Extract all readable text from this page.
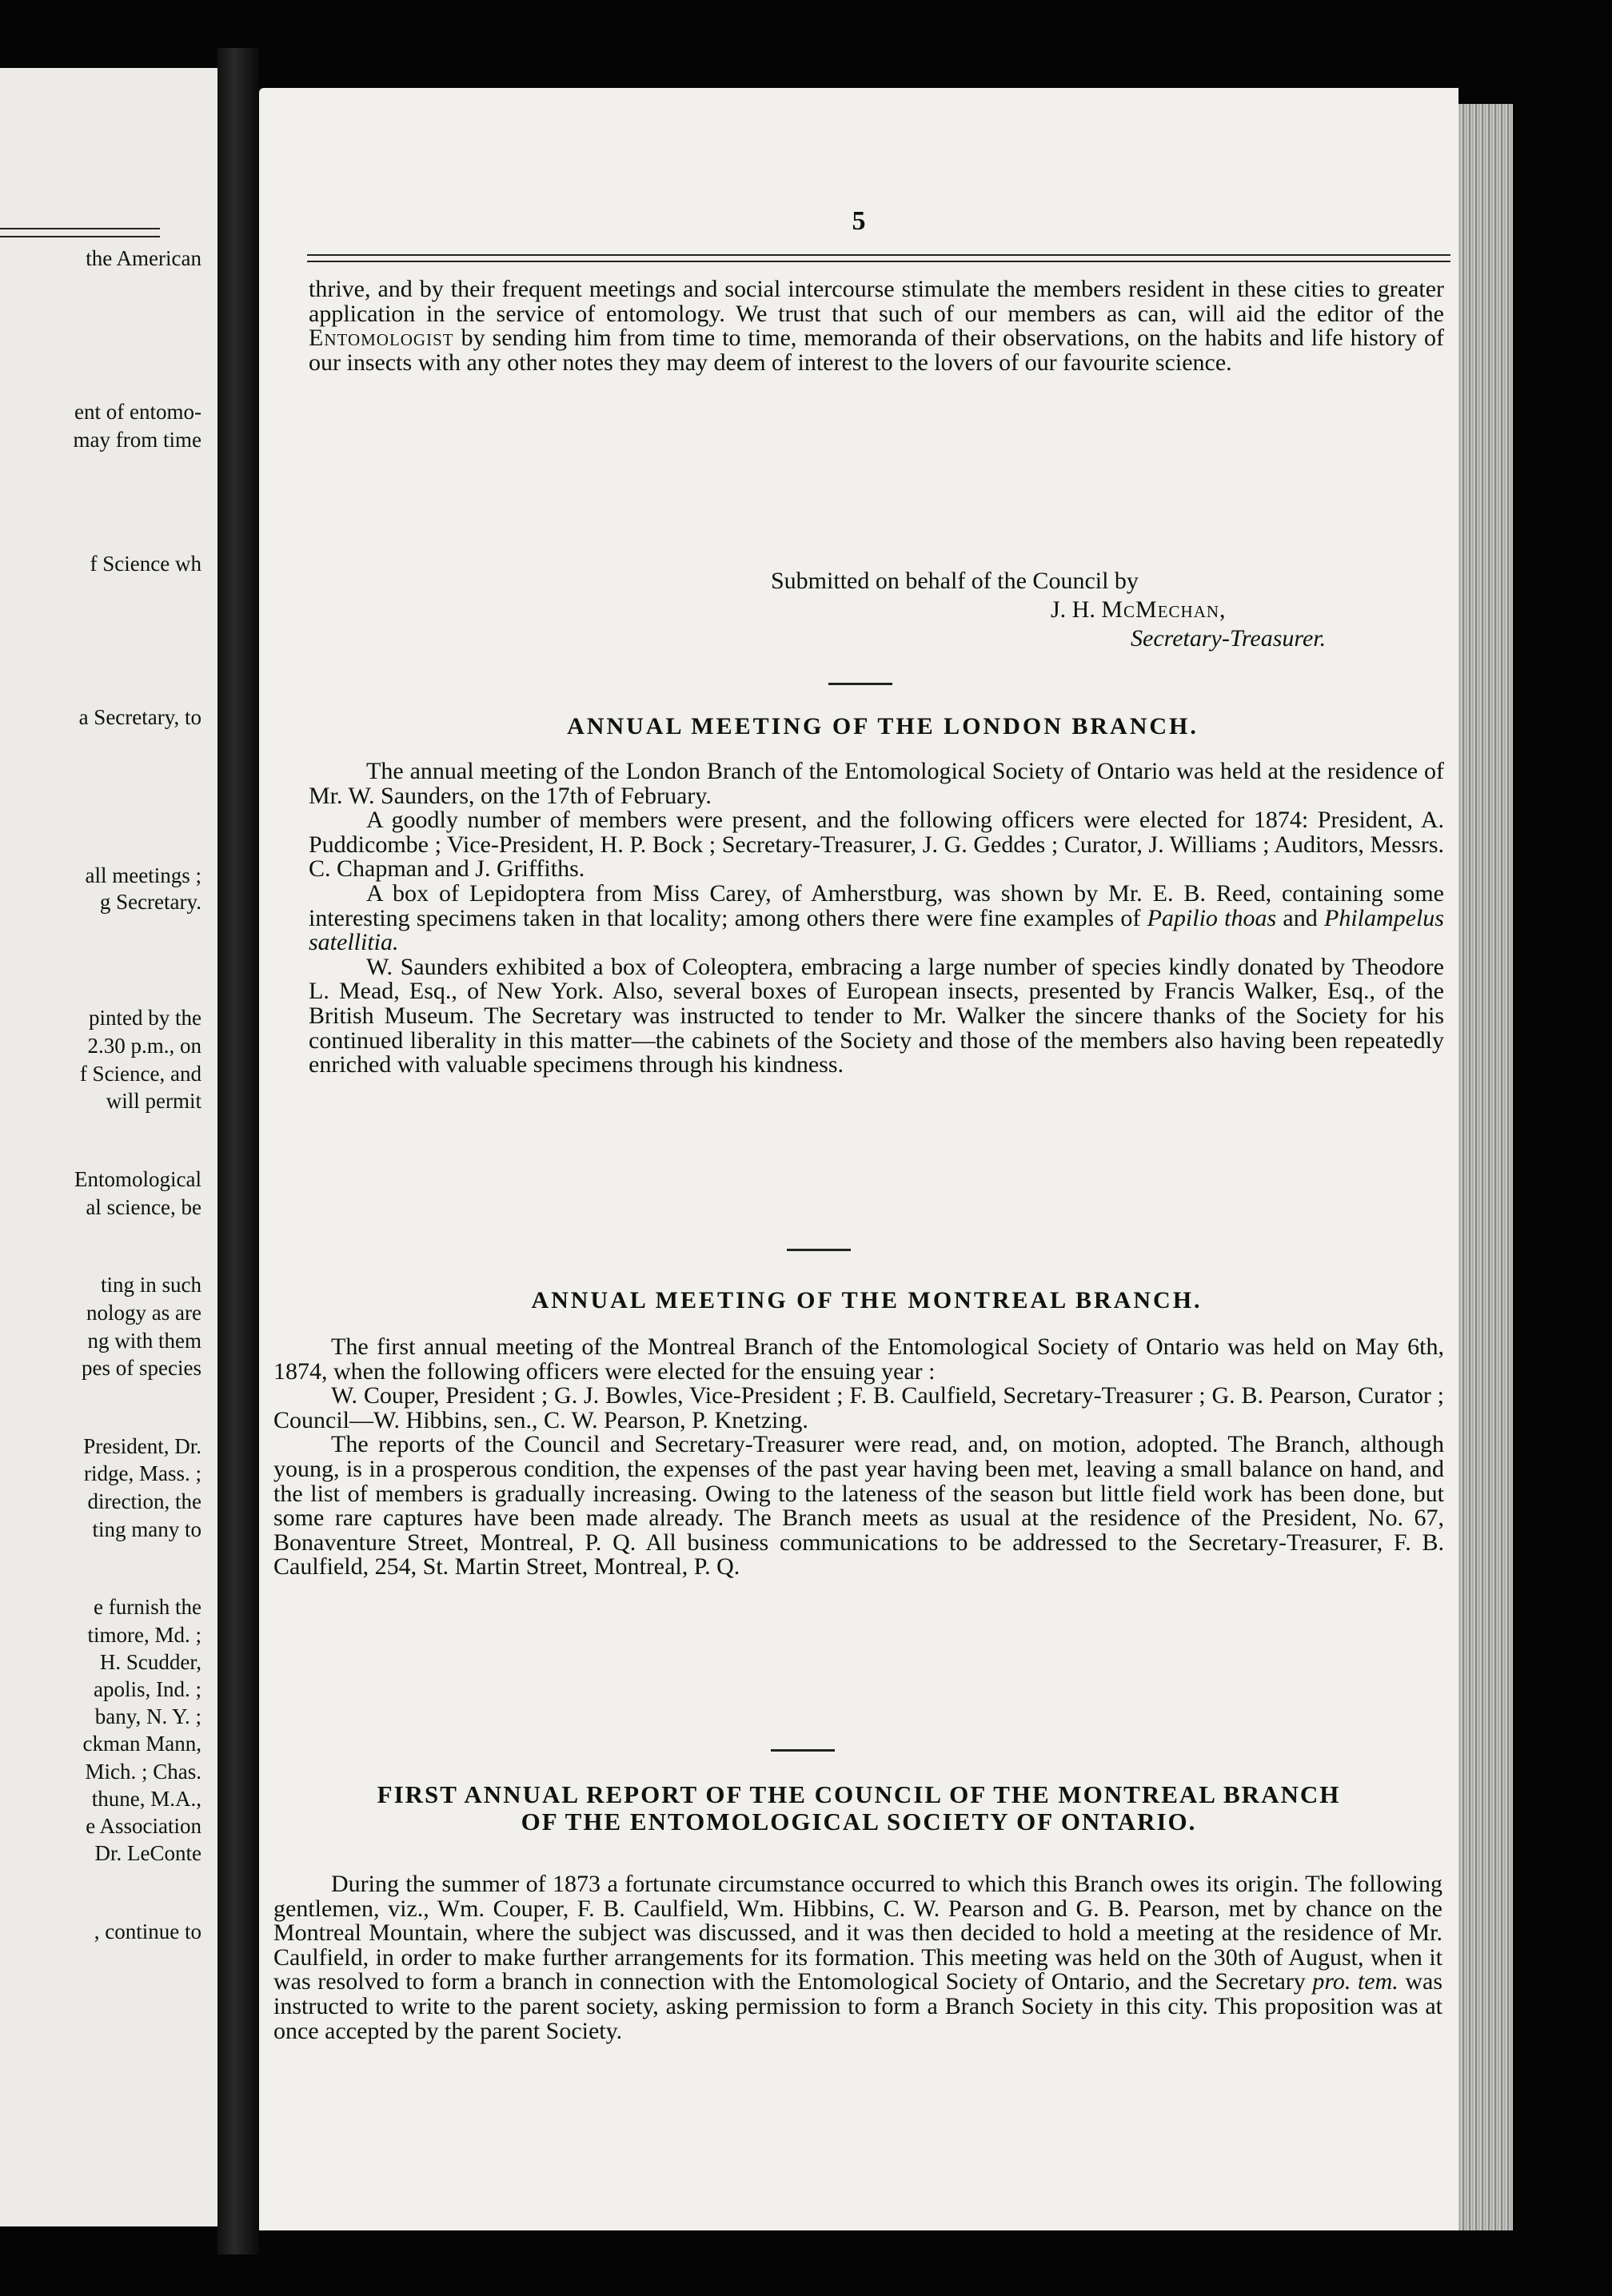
the American
ent of entomo-
may from time
f Science wh
a Secretary, to
all meetings ;
g Secretary.
pinted by the
2.30 p.m., on
f Science, and
will permit
Entomological
al science, be
ting in such
nology as are
ng with them
pes of species
President, Dr.
ridge, Mass. ;
direction, the
ting many to
e furnish the
timore, Md. ;
H. Scudder,
apolis, Ind. ;
bany, N. Y. ;
ckman Mann,
Mich. ; Chas.
thune, M.A.,
e Association
Dr. LeConte
, continue to
5

thrive, and by their frequent meetings and social intercourse stimulate the members resident in these cities to greater application in the service of entomology. We trust that such of our members as can, will aid the editor of the Entomologist by sending him from time to time, memoranda of their observations, on the habits and life history of our insects with any other notes they may deem of interest to the lovers of our favourite science.

Submitted on behalf of the Council by
J. H. McMechan,
Secretary-Treasurer.
ANNUAL MEETING OF THE LONDON BRANCH.

The annual meeting of the London Branch of the Entomological Society of Ontario was held at the residence of Mr. W. Saunders, on the 17th of February.

A goodly number of members were present, and the following officers were elected for 1874: President, A. Puddicombe ; Vice-President, H. P. Bock ; Secretary-Treasurer, J. G. Geddes ; Curator, J. Williams ; Auditors, Messrs. C. Chapman and J. Griffiths.

A box of Lepidoptera from Miss Carey, of Amherstburg, was shown by Mr. E. B. Reed, containing some interesting specimens taken in that locality; among others there were fine examples of Papilio thoas and Philampelus satellitia.

W. Saunders exhibited a box of Coleoptera, embracing a large number of species kindly donated by Theodore L. Mead, Esq., of New York. Also, several boxes of European insects, presented by Francis Walker, Esq., of the British Museum. The Secretary was instructed to tender to Mr. Walker the sincere thanks of the Society for his continued liberality in this matter—the cabinets of the Society and those of the members also having been repeatedly enriched with valuable specimens through his kindness.

ANNUAL MEETING OF THE MONTREAL BRANCH.

The first annual meeting of the Montreal Branch of the Entomological Society of Ontario was held on May 6th, 1874, when the following officers were elected for the ensuing year :

W. Couper, President ; G. J. Bowles, Vice-President ; F. B. Caulfield, Secretary-Treasurer ; G. B. Pearson, Curator ; Council—W. Hibbins, sen., C. W. Pearson, P. Knetzing.

The reports of the Council and Secretary-Treasurer were read, and, on motion, adopted. The Branch, although young, is in a prosperous condition, the expenses of the past year having been met, leaving a small balance on hand, and the list of members is gradually increasing. Owing to the lateness of the season but little field work has been done, but some rare captures have been made already. The Branch meets as usual at the residence of the President, No. 67, Bonaventure Street, Montreal, P. Q. All business communications to be addressed to the Secretary-Treasurer, F. B. Caulfield, 254, St. Martin Street, Montreal, P. Q.

FIRST ANNUAL REPORT OF THE COUNCIL OF THE MONTREAL BRANCH
OF THE ENTOMOLOGICAL SOCIETY OF ONTARIO.

During the summer of 1873 a fortunate circumstance occurred to which this Branch owes its origin. The following gentlemen, viz., Wm. Couper, F. B. Caulfield, Wm. Hibbins, C. W. Pearson and G. B. Pearson, met by chance on the Montreal Mountain, where the subject was discussed, and it was then decided to hold a meeting at the residence of Mr. Caulfield, in order to make further arrangements for its formation. This meeting was held on the 30th of August, when it was resolved to form a branch in connection with the Entomological Society of Ontario, and the Secretary pro. tem. was instructed to write to the parent society, asking permission to form a Branch Society in this city. This proposition was at once accepted by the parent Society.
